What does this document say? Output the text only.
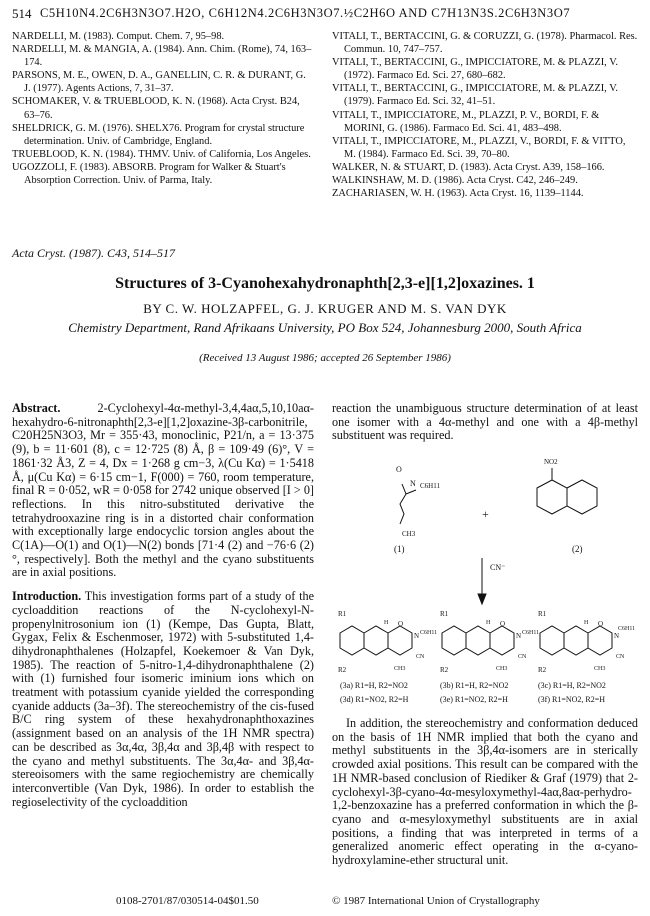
514 C5H10N4.2C6H3N3O7.H2O, C6H12N4.2C6H3N3O7.½C2H6O AND C7H13N3S.2C6H3N3O7
NARDELLI, M. (1983). Comput. Chem. 7, 95–98.
NARDELLI, M. & MANGIA, A. (1984). Ann. Chim. (Rome), 74, 163–174.
PARSONS, M. E., OWEN, D. A., GANELLIN, C. R. & DURANT, G. J. (1977). Agents Actions, 7, 31–37.
SCHOMAKER, V. & TRUEBLOOD, K. N. (1968). Acta Cryst. B24, 63–76.
SHELDRICK, G. M. (1976). SHELX76. Program for crystal structure determination. Univ. of Cambridge, England.
TRUEBLOOD, K. N. (1984). THMV. Univ. of California, Los Angeles.
UGOZZOLI, F. (1983). ABSORB. Program for Walker & Stuart's Absorption Correction. Univ. of Parma, Italy.
VITALI, T., BERTACCINI, G. & CORUZZI, G. (1978). Pharmacol. Res. Commun. 10, 747–757.
VITALI, T., BERTACCINI, G., IMPICCIATORE, M. & PLAZZI, V. (1972). Farmaco Ed. Sci. 27, 680–682.
VITALI, T., BERTACCINI, G., IMPICCIATORE, M. & PLAZZI, V. (1979). Farmaco Ed. Sci. 32, 41–51.
VITALI, T., IMPICCIATORE, M., PLAZZI, P. V., BORDI, F. & MORINI, G. (1986). Farmaco Ed. Sci. 41, 483–498.
VITALI, T., IMPICCIATORE, M., PLAZZI, V., BORDI, F. & VITTO, M. (1984). Farmaco Ed. Sci. 39, 70–80.
WALKER, N. & STUART, D. (1983). Acta Cryst. A39, 158–166.
WALKINSHAW, M. D. (1986). Acta Cryst. C42, 246–249.
ZACHARIASEN, W. H. (1963). Acta Cryst. 16, 1139–1144.
Acta Cryst. (1987). C43, 514–517
Structures of 3-Cyanohexahydronaphth[2,3-e][1,2]oxazines. 1
BY C. W. HOLZAPFEL, G. J. KRUGER AND M. S. VAN DYK
Chemistry Department, Rand Afrikaans University, PO Box 524, Johannesburg 2000, South Africa
(Received 13 August 1986; accepted 26 September 1986)

Abstract.	2-Cyclohexyl-4α-methyl-3,4,4aα,5,10,10aα-hexahydro-6-nitronaphth[2,3-e][1,2]oxazine-3β-carbonitrile, C20H25N3O3, Mr = 355·43, monoclinic, P21/n, a = 13·375 (9), b = 11·601 (8), c = 12·725 (8) Å, β = 109·49 (6)°, V = 1861·32 Å3, Z = 4, Dx = 1·268 g cm−3, λ(Cu Kα) = 1·5418 Å, μ(Cu Kα) = 6·15 cm−1, F(000) = 760, room temperature, final R = 0·052, wR = 0·058 for 2742 unique observed [I > 0] reflections. In this nitro-substituted derivative the tetrahydrooxazine ring is in a distorted chair conformation with exceptionally large endocyclic torsion angles about the C(1A)—O(1) and O(1)—N(2) bonds [71·4 (2) and −76·6 (2)°, respectively]. Both the methyl and the cyano substituents are in axial positions.

Introduction. This investigation forms part of a study of the cycloaddition reactions of the N-cyclohexyl-N-propenylnitrosonium ion (1) (Kempe, Das Gupta, Blatt, Gygax, Felix & Eschenmoser, 1972) with 5-substituted 1,4-dihydronaphthalenes (Holzapfel, Koekemoer & Van Dyk, 1985). The reaction of 5-nitro-1,4-dihydronaphthalene (2) with (1) furnished four isomeric iminium ions which on treatment with potassium cyanide yielded the corresponding cyanide adducts (3a–3f). The stereochemistry of the cis-fused B/C ring system of these hexahydronaphthoxazines (assignment based on an analysis of the 1H NMR spectra) can be described as 3α,4α, 3β,4α and 3β,4β with respect to the cyano and methyl substituents. The 3α,4α- and 3β,4α-stereoisomers with the same regiochemistry are chemically interconvertible (Van Dyk, 1986). In order to establish the regioselectivity of the cycloaddition

reaction the unambiguous structure determination of at least one isomer with a 4α-methyl and one with a 4β-methyl substituent was required.
O
N C6H11
CH3
(1)
+
NO2
(2)
CN⁻
R1
R2
O
N C6H11
CN
CH3
H
R1
R2
O
N C6H11
CN
CH3
H
R1
R2
O
N
C6H11
CN
CH3
H
(3a) R1=H, R2=NO2	(3b) R1=H, R2=NO2	(3c) R1=H, R2=NO2
(3d) R1=NO2, R2=H	(3e) R1=NO2, R2=H	(3f) R1=NO2, R2=H
In addition, the stereochemistry and conformation deduced on the basis of 1H NMR implied that both the cyano and methyl substituents in the 3β,4α-isomers are in sterically crowded axial positions. This result can be compared with the 1H NMR-based conclusion of Riediker & Graf (1979) that 2-cyclohexyl-3β-cyano-4α-mesyloxymethyl-4aα,8aα-perhydro-1,2-benzoxazine has a preferred conformation in which the β-cyano and α-mesyloxymethyl substituents are in axial positions, a finding that was interpreted in terms of a generalized anomeric effect operating in the α-cyano-hydroxylamine-ether structural unit.
0108-2701/87/030514-04$01.50	© 1987 International Union of Crystallography
